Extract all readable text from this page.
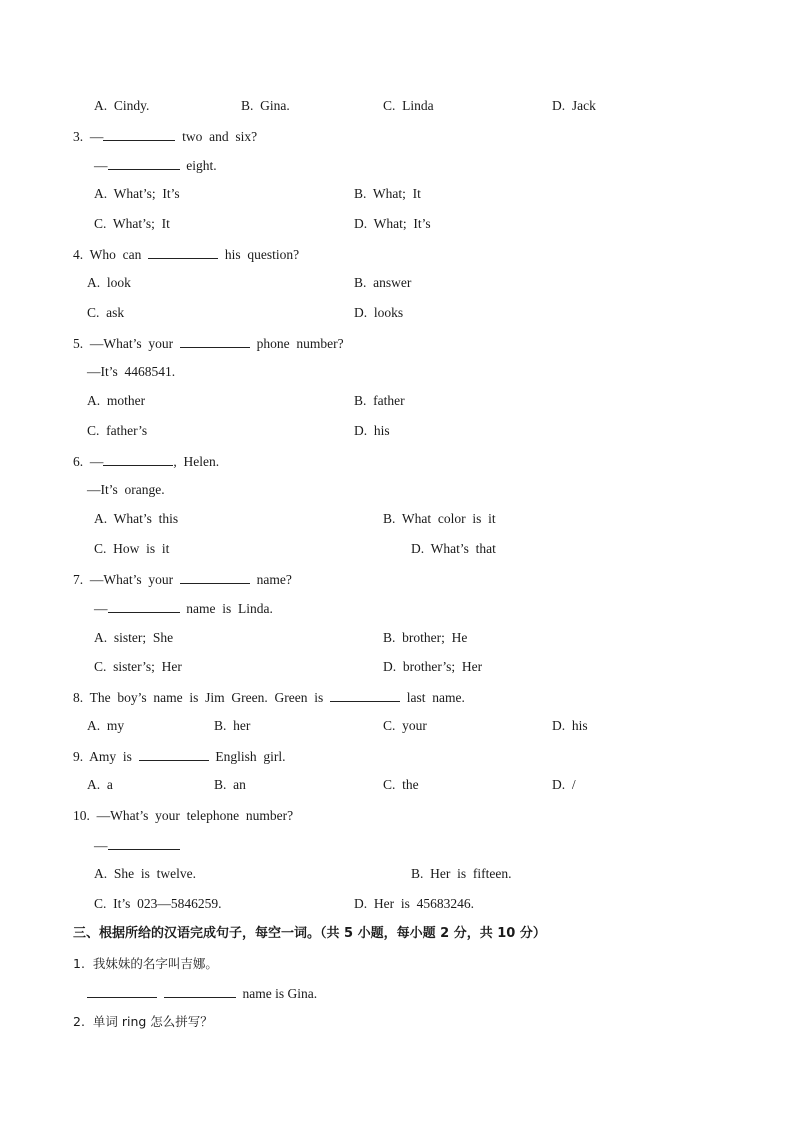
A.  Cindy.	B.  Gina.	C.  Linda	D.  Jack
3.  —	two  and  six?
—	eight.
A.  What’s;  It’s	B.  What;  It
C.  What’s;  It	D.  What;  It’s
4.  Who  can	his  question?
A.  look	B.  answer
C.  ask	D.  looks
5.  —What’s  your	phone  number?
—It’s  4468541.
A.  mother	B.  father
C.  father’s	D.  his
6.  —	,  Helen.
—It’s  orange.
A.  What’s  this	B.  What  color  is  it
C.  How  is  it	D.  What’s  that
7.  —What’s  your	name?
—	name  is  Linda.
A.  sister;  She	B.  brother;  He
C.  sister’s;  Her	D.  brother’s;  Her
8.  The  boy’s  name  is  Jim  Green.  Green  is	last  name.
A.  my	B.  her	C.  your	D.  his
9.  Amy  is	English  girl.
A.  a	B.  an	C.  the	D.  /
10.  —What’s  your  telephone  number?
—
A.  She  is  twelve.	B.  Her  is  fifteen.
C.  It’s  023—5846259.	D.  Her  is  45683246.
三、根据所给的汉语完成句子，每空一词。（共 5 小题，每小题 2 分，共 10 分）
1.  我妹妹的名字叫吉娜。
name is Gina.
2.  单词 ring 怎么拼写？
